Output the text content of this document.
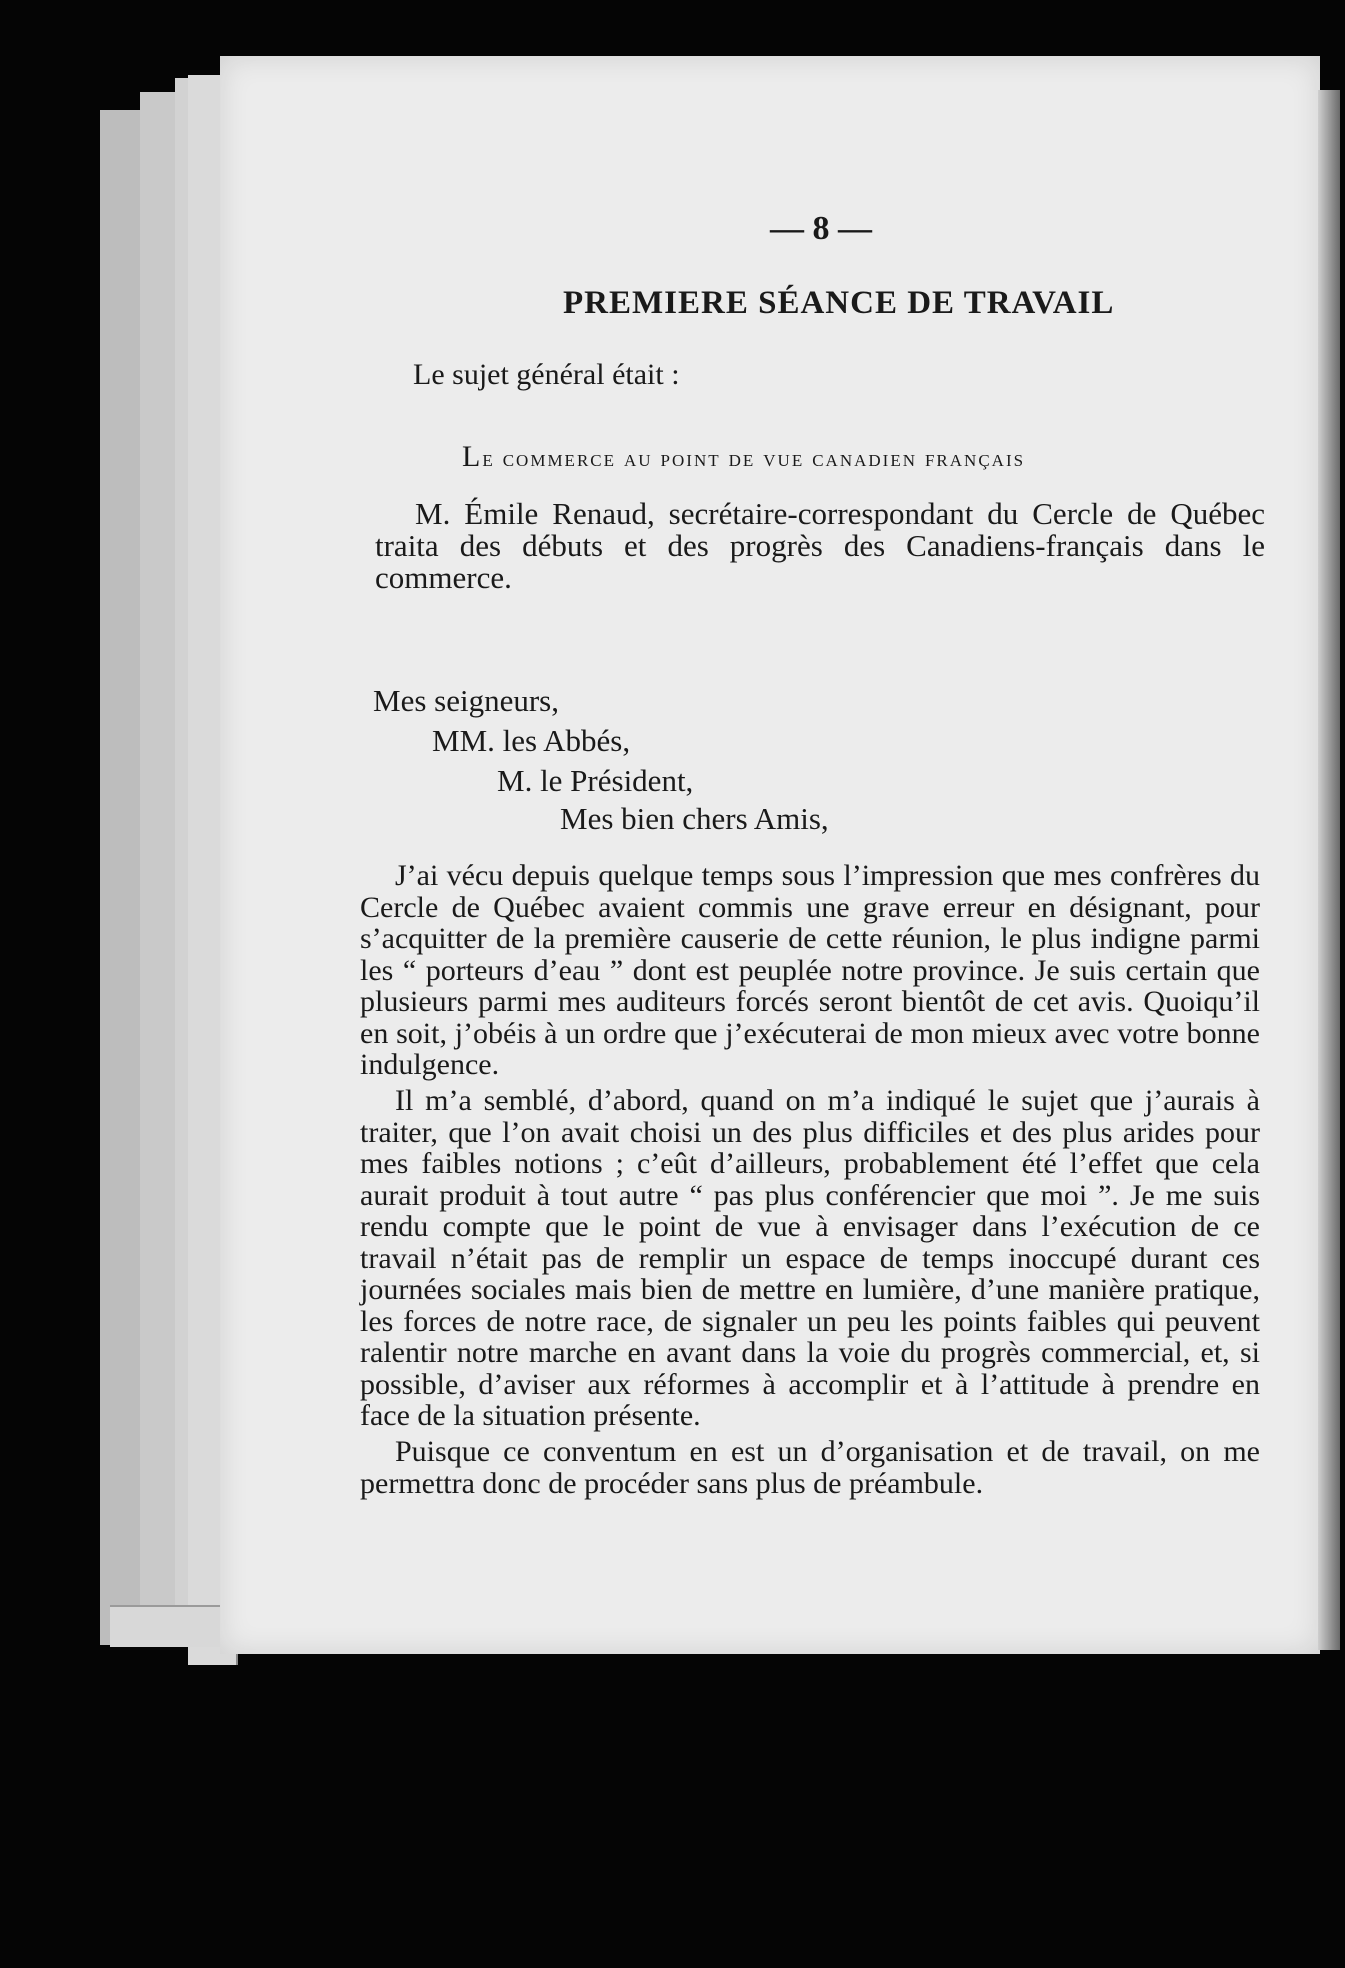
— 8 —
PREMIERE SÉANCE DE TRAVAIL
Le sujet général était :
Le commerce au point de vue canadien français

M. Émile Renaud, secrétaire-correspondant du Cercle de Québec traita des débuts et des progrès des Canadiens-français dans le commerce.

Mes seigneurs,
MM. les Abbés,
M. le Président,
Mes bien chers Amis,

J’ai vécu depuis quelque temps sous l’impression que mes confrères du Cercle de Québec avaient commis une grave erreur en désignant, pour s’acquitter de la première causerie de cette réunion, le plus indigne parmi les “ porteurs d’eau ” dont est peuplée notre province. Je suis certain que plusieurs parmi mes auditeurs forcés seront bientôt de cet avis. Quoiqu’il en soit, j’obéis à un ordre que j’exécuterai de mon mieux avec votre bonne indulgence.

Il m’a semblé, d’abord, quand on m’a indiqué le sujet que j’aurais à traiter, que l’on avait choisi un des plus difficiles et des plus arides pour mes faibles notions ; c’eût d’ailleurs, probablement été l’effet que cela aurait produit à tout autre “ pas plus conférencier que moi ”. Je me suis rendu compte que le point de vue à envisager dans l’exécution de ce travail n’était pas de remplir un espace de temps inoccupé durant ces journées sociales mais bien de mettre en lumière, d’une manière pratique, les forces de notre race, de signaler un peu les points faibles qui peuvent ralentir notre marche en avant dans la voie du progrès commercial, et, si possible, d’aviser aux réformes à accomplir et à l’attitude à prendre en face de la situation présente.

Puisque ce conventum en est un d’organisation et de travail, on me permettra donc de procéder sans plus de préambule.
